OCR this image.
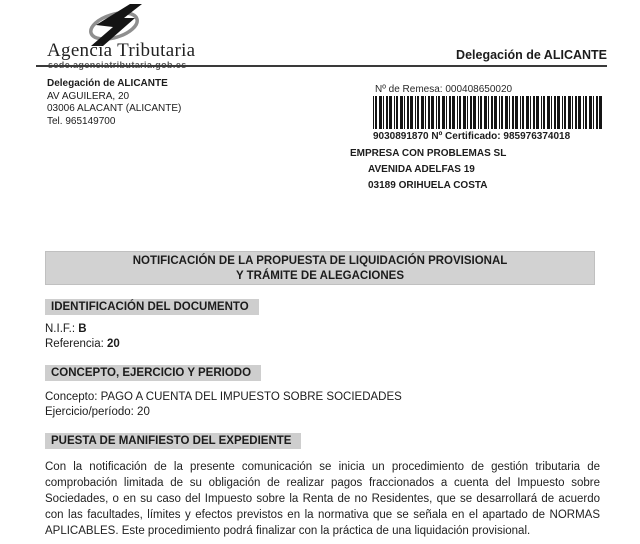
Agencia Tributaria	Delegación de ALICANTE
Delegación de ALICANTE
AV AGUILERA, 20
03006 ALACANT (ALICANTE)
Tel. 965149700
Nº de Remesa: 000408650020
9030891870 Nº Certificado: 985976374018
EMPRESA CON PROBLEMAS SL
AVENIDA ADELFAS 19
03189 ORIHUELA COSTA
NOTIFICACIÓN DE LA PROPUESTA DE LIQUIDACIÓN PROVISIONAL
Y TRÁMITE DE ALEGACIONES
IDENTIFICACIÓN DEL DOCUMENTO
N.I.F.: B
Referencia: 20
CONCEPTO, EJERCICIO Y PERIODO
Concepto: PAGO A CUENTA DEL IMPUESTO SOBRE SOCIEDADES
Ejercicio/período: 20
PUESTA DE MANIFIESTO DEL EXPEDIENTE
Con la notificación de la presente comunicación se inicia un procedimiento de gestión tributaria de comprobación limitada de su obligación de realizar pagos fraccionados a cuenta del Impuesto sobre Sociedades, o en su caso del Impuesto sobre la Renta de no Residentes, que se desarrollará de acuerdo con las facultades, límites y efectos previstos en la normativa que se señala en el apartado de NORMAS APLICABLES. Este procedimiento podrá finalizar con la práctica de una liquidación provisional.
